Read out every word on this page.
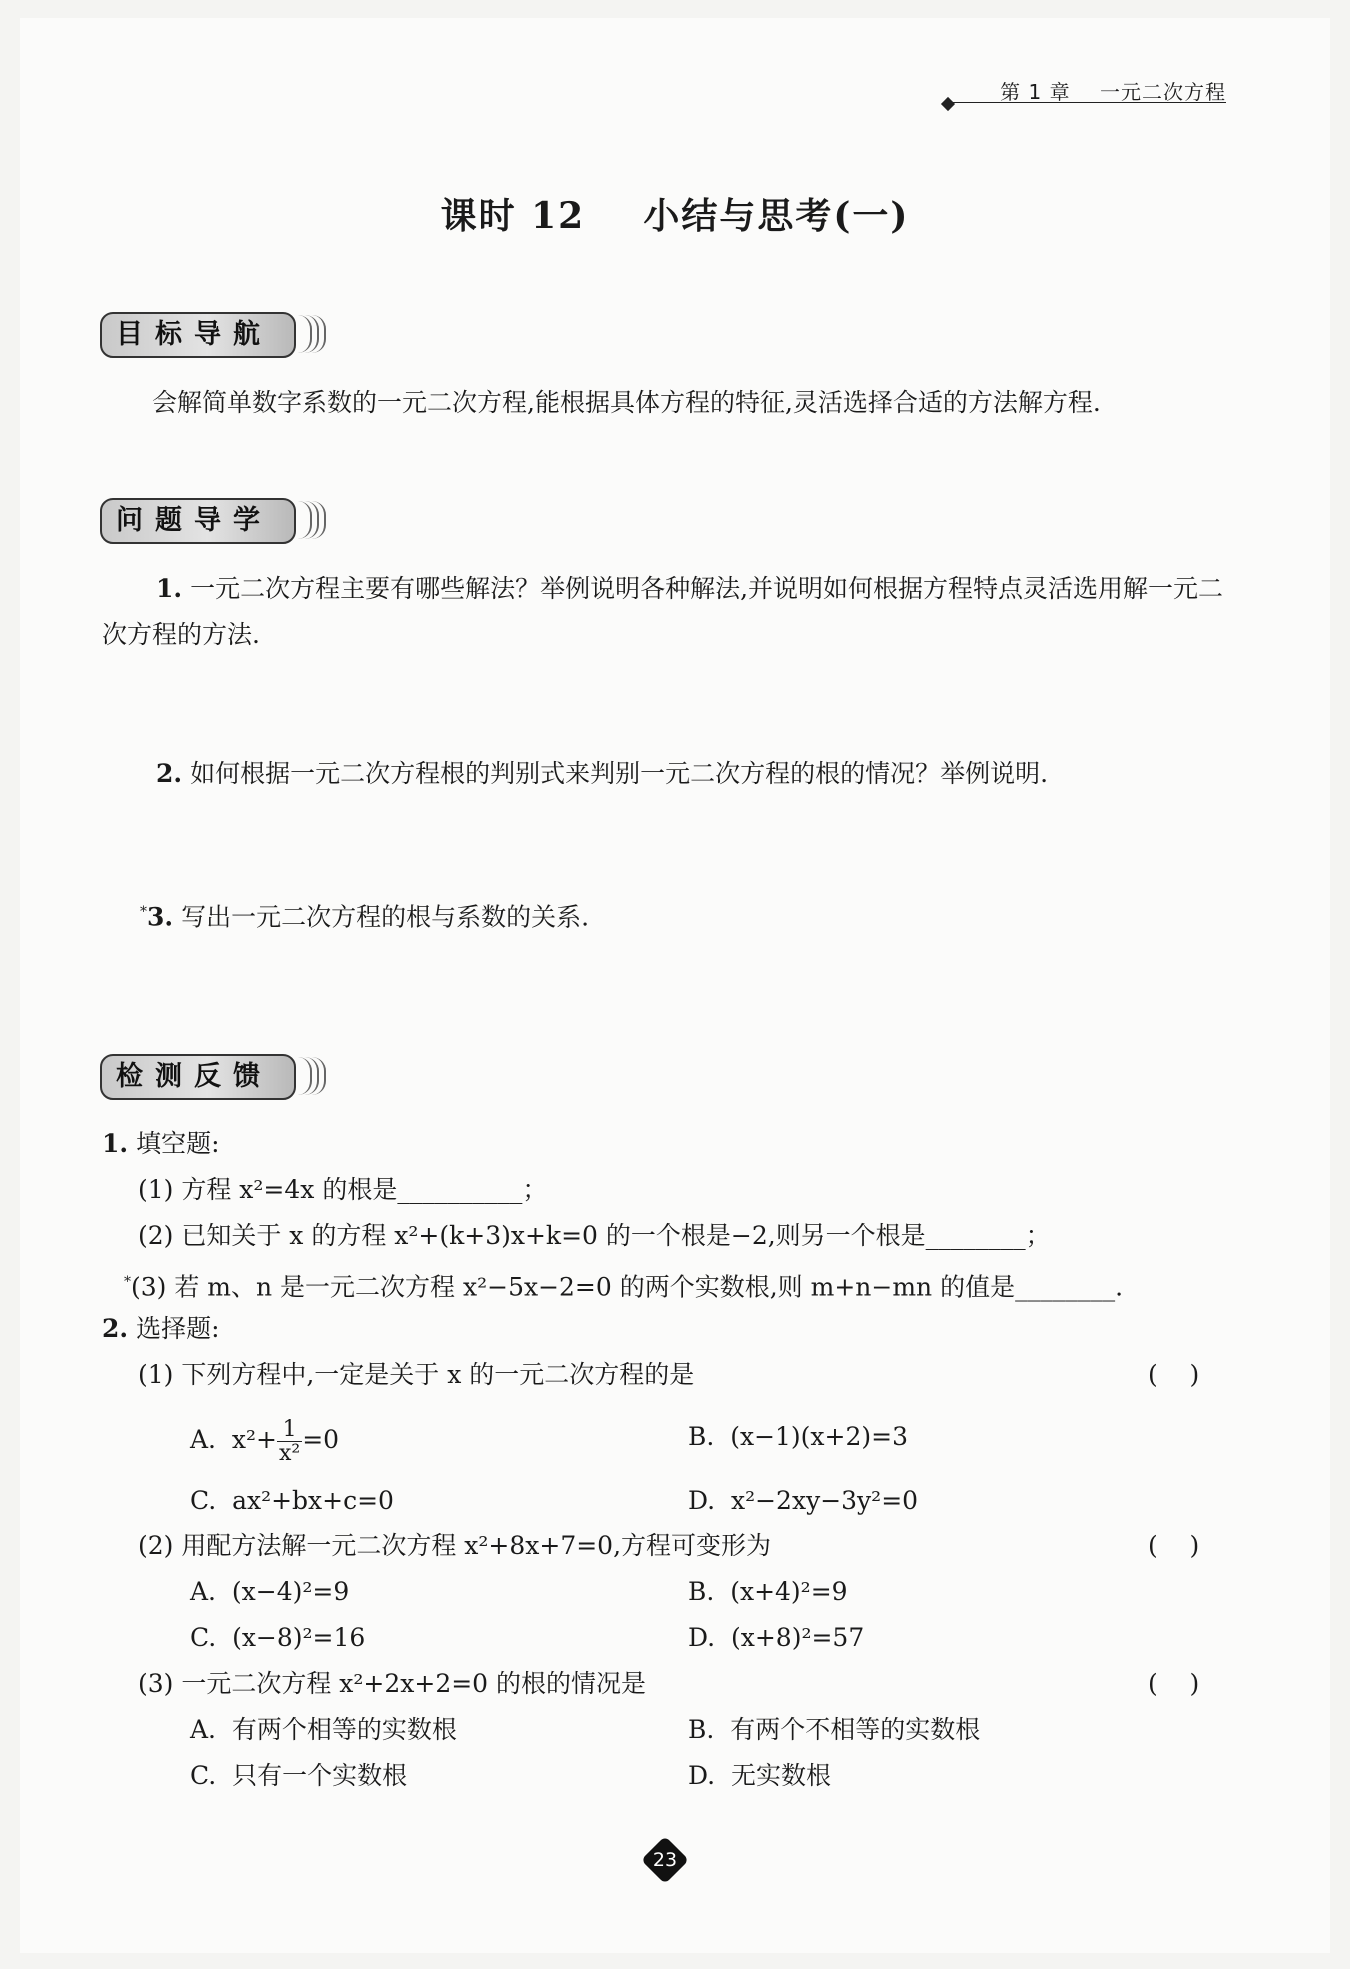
第 1 章    一元二次方程
课时 12    小结与思考(一)
目标导航
会解简单数字系数的一元二次方程,能根据具体方程的特征,灵活选择合适的方法解方程.
问题导学
1. 一元二次方程主要有哪些解法？举例说明各种解法,并说明如何根据方程特点灵活选用解一元二次方程的方法.
2. 如何根据一元二次方程根的判别式来判别一元二次方程的根的情况？举例说明.
*3. 写出一元二次方程的根与系数的关系.
检测反馈
1. 填空题:
(1) 方程 x²=4x 的根是__________；
(2) 已知关于 x 的方程 x²+(k+3)x+k=0 的一个根是−2,则另一个根是________；
*(3) 若 m、n 是一元二次方程 x²−5x−2=0 的两个实数根,则 m+n−mn 的值是________.
2. 选择题:
(1) 下列方程中,一定是关于 x 的一元二次方程的是	(    )
A.  $x^2+ \frac{1}{\text{x²}} =0$	B.  (x−1)(x+2)=3
C.  ax²+bx+c=0	D.  x²−2xy−3y²=0
(2) 用配方法解一元二次方程 x²+8x+7=0,方程可变形为	(    )
A.  (x−4)²=9	B.  (x+4)²=9
C.  (x−8)²=16	D.  (x+8)²=57
(3) 一元二次方程 x²+2x+2=0 的根的情况是	(    )
A.  有两个相等的实数根	B.  有两个不相等的实数根
C.  只有一个实数根	D.  无实数根
23
